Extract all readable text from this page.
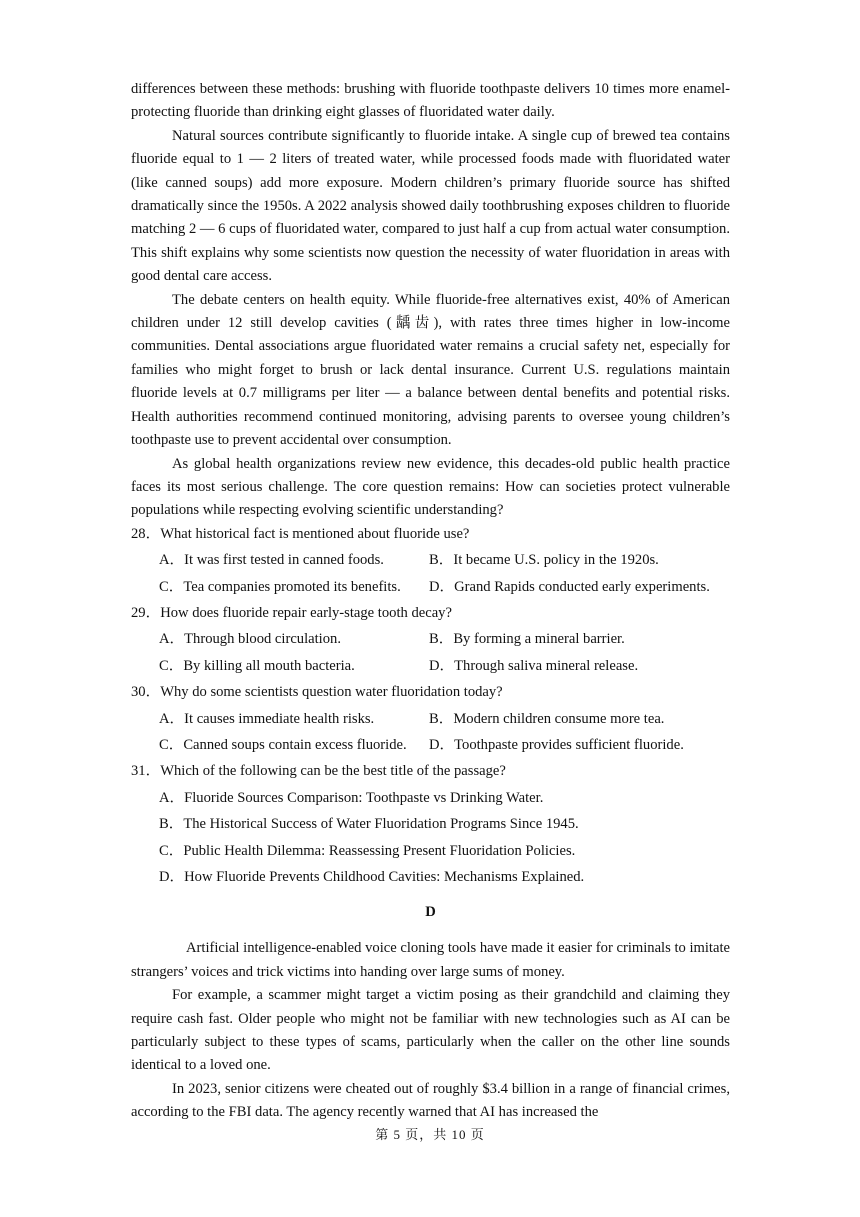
differences between these methods: brushing with fluoride toothpaste delivers 10 times more enamel-protecting fluoride than drinking eight glasses of fluoridated water daily.

Natural sources contribute significantly to fluoride intake. A single cup of brewed tea contains fluoride equal to 1 — 2 liters of treated water, while processed foods made with fluoridated water (like canned soups) add more exposure. Modern children’s primary fluoride source has shifted dramatically since the 1950s. A 2022 analysis showed daily toothbrushing exposes children to fluoride matching 2 — 6 cups of fluoridated water, compared to just half a cup from actual water consumption. This shift explains why some scientists now question the necessity of water fluoridation in areas with good dental care access.

The debate centers on health equity. While fluoride-free alternatives exist, 40% of American children under 12 still develop cavities (龋齿), with rates three times higher in low-income communities. Dental associations argue fluoridated water remains a crucial safety net, especially for families who might forget to brush or lack dental insurance. Current U.S. regulations maintain fluoride levels at 0.7 milligrams per liter — a balance between dental benefits and potential risks. Health authorities recommend continued monitoring, advising parents to oversee young children’s toothpaste use to prevent accidental over consumption.

As global health organizations review new evidence, this decades-old public health practice faces its most serious challenge. The core question remains: How can societies protect vulnerable populations while respecting evolving scientific understanding?

28．What historical fact is mentioned about fluoride use?
A．It was first tested in canned foods.	B．It became U.S. policy in the 1920s.
C．Tea companies promoted its benefits.	D．Grand Rapids conducted early experiments.
29．How does fluoride repair early-stage tooth decay?
A．Through blood circulation.	B．By forming a mineral barrier.
C．By killing all mouth bacteria.	D．Through saliva mineral release.
30．Why do some scientists question water fluoridation today?
A．It causes immediate health risks.	B．Modern children consume more tea.
C．Canned soups contain excess fluoride.	D．Toothpaste provides sufficient fluoride.
31．Which of the following can be the best title of the passage?
A．Fluoride Sources Comparison: Toothpaste vs Drinking Water.
B．The Historical Success of Water Fluoridation Programs Since 1945.
C．Public Health Dilemma: Reassessing Present Fluoridation Policies.
D．How Fluoride Prevents Childhood Cavities: Mechanisms Explained.
D

Artificial intelligence-enabled voice cloning tools have made it easier for criminals to imitate strangers’ voices and trick victims into handing over large sums of money.

For example, a scammer might target a victim posing as their grandchild and claiming they require cash fast. Older people who might not be familiar with new technologies such as AI can be particularly subject to these types of scams, particularly when the caller on the other line sounds identical to a loved one.

In 2023, senior citizens were cheated out of roughly $3.4 billion in a range of financial crimes, according to the FBI data. The agency recently warned that AI has increased the

第 5 页，共 10 页
